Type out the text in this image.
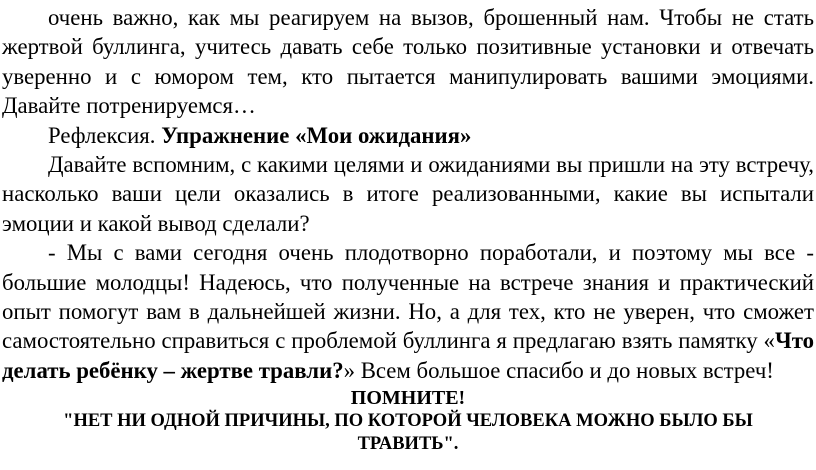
очень важно, как мы реагируем на вызов, брошенный нам. Чтобы не стать жертвой буллинга, учитесь давать себе только позитивные установки и отвечать уверенно и с юмором тем, кто пытается манипулировать вашими эмоциями. Давайте потренируемся…

Рефлексия. Упражнение «Мои ожидания»

Давайте вспомним, с какими целями и ожиданиями вы пришли на эту встречу, насколько ваши цели оказались в итоге реализованными, какие вы испытали эмоции и какой вывод сделали?

- Мы с вами сегодня очень плодотворно поработали, и поэтому мы все - большие молодцы! Надеюсь, что полученные на встрече знания и практический опыт помогут вам в дальнейшей жизни. Но, а для тех, кто не уверен, что сможет самостоятельно справиться с проблемой буллинга я предлагаю взять памятку «Что делать ребёнку – жертве травли?» Всем большое спасибо и до новых встреч!

ПОМНИТЕ!

"НЕТ НИ ОДНОЙ ПРИЧИНЫ, ПО КОТОРОЙ ЧЕЛОВЕКА МОЖНО БЫЛО БЫ

ТРАВИТЬ".
